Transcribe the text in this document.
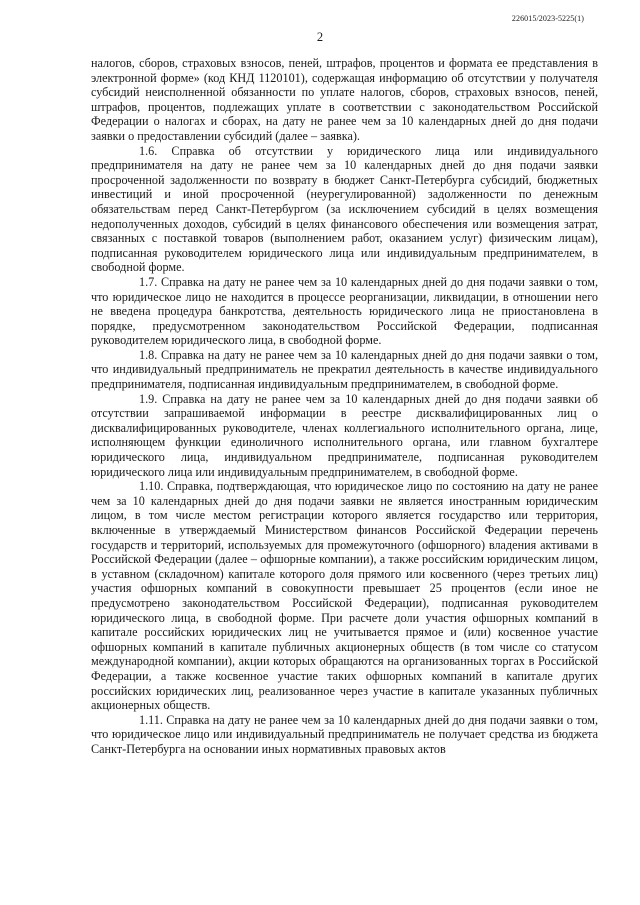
226015/2023-5225(1)
2

налогов, сборов, страховых взносов, пеней, штрафов, процентов и формата ее представления в электронной форме» (код КНД 1120101), содержащая информацию об отсутствии у получателя субсидий неисполненной обязанности по уплате налогов, сборов, страховых взносов, пеней, штрафов, процентов, подлежащих уплате в соответствии с законодательством Российской Федерации о налогах и сборах, на дату не ранее чем за 10 календарных дней до дня подачи заявки о предоставлении субсидий (далее – заявка).

1.6. Справка об отсутствии у юридического лица или индивидуального предпринимателя на дату не ранее чем за 10 календарных дней до дня подачи заявки просроченной задолженности по возврату в бюджет Санкт-Петербурга субсидий, бюджетных инвестиций и иной просроченной (неурегулированной) задолженности по денежным обязательствам перед Санкт-Петербургом (за исключением субсидий в целях возмещения недополученных доходов, субсидий в целях финансового обеспечения или возмещения затрат, связанных с поставкой товаров (выполнением работ, оказанием услуг) физическим лицам), подписанная руководителем юридического лица или индивидуальным предпринимателем, в свободной форме.

1.7. Справка на дату не ранее чем за 10 календарных дней до дня подачи заявки о том, что юридическое лицо не находится в процессе реорганизации, ликвидации, в отношении него не введена процедура банкротства, деятельность юридического лица не приостановлена в порядке, предусмотренном законодательством Российской Федерации, подписанная руководителем юридического лица, в свободной форме.

1.8. Справка на дату не ранее чем за 10 календарных дней до дня подачи заявки о том, что индивидуальный предприниматель не прекратил деятельность в качестве индивидуального предпринимателя, подписанная индивидуальным предпринимателем, в свободной форме.

1.9. Справка на дату не ранее чем за 10 календарных дней до дня подачи заявки об отсутствии запрашиваемой информации в реестре дисквалифицированных лиц о дисквалифицированных руководителе, членах коллегиального исполнительного органа, лице, исполняющем функции единоличного исполнительного органа, или главном бухгалтере юридического лица, индивидуальном предпринимателе, подписанная руководителем юридического лица или индивидуальным предпринимателем, в свободной форме.

1.10. Справка, подтверждающая, что юридическое лицо по состоянию на дату не ранее чем за 10 календарных дней до дня подачи заявки не является иностранным юридическим лицом, в том числе местом регистрации которого является государство или территория, включенные в утверждаемый Министерством финансов Российской Федерации перечень государств и территорий, используемых для промежуточного (офшорного) владения активами в Российской Федерации (далее – офшорные компании), а также российским юридическим лицом, в уставном (складочном) капитале которого доля прямого или косвенного (через третьих лиц) участия офшорных компаний в совокупности превышает 25 процентов (если иное не предусмотрено законодательством Российской Федерации), подписанная руководителем юридического лица, в свободной форме. При расчете доли участия офшорных компаний в капитале российских юридических лиц не учитывается прямое и (или) косвенное участие офшорных компаний в капитале публичных акционерных обществ (в том числе со статусом международной компании), акции которых обращаются на организованных торгах в Российской Федерации, а также косвенное участие таких офшорных компаний в капитале других российских юридических лиц, реализованное через участие в капитале указанных публичных акционерных обществ.

1.11. Справка на дату не ранее чем за 10 календарных дней до дня подачи заявки о том, что юридическое лицо или индивидуальный предприниматель не получает средства из бюджета Санкт-Петербурга на основании иных нормативных правовых актов
